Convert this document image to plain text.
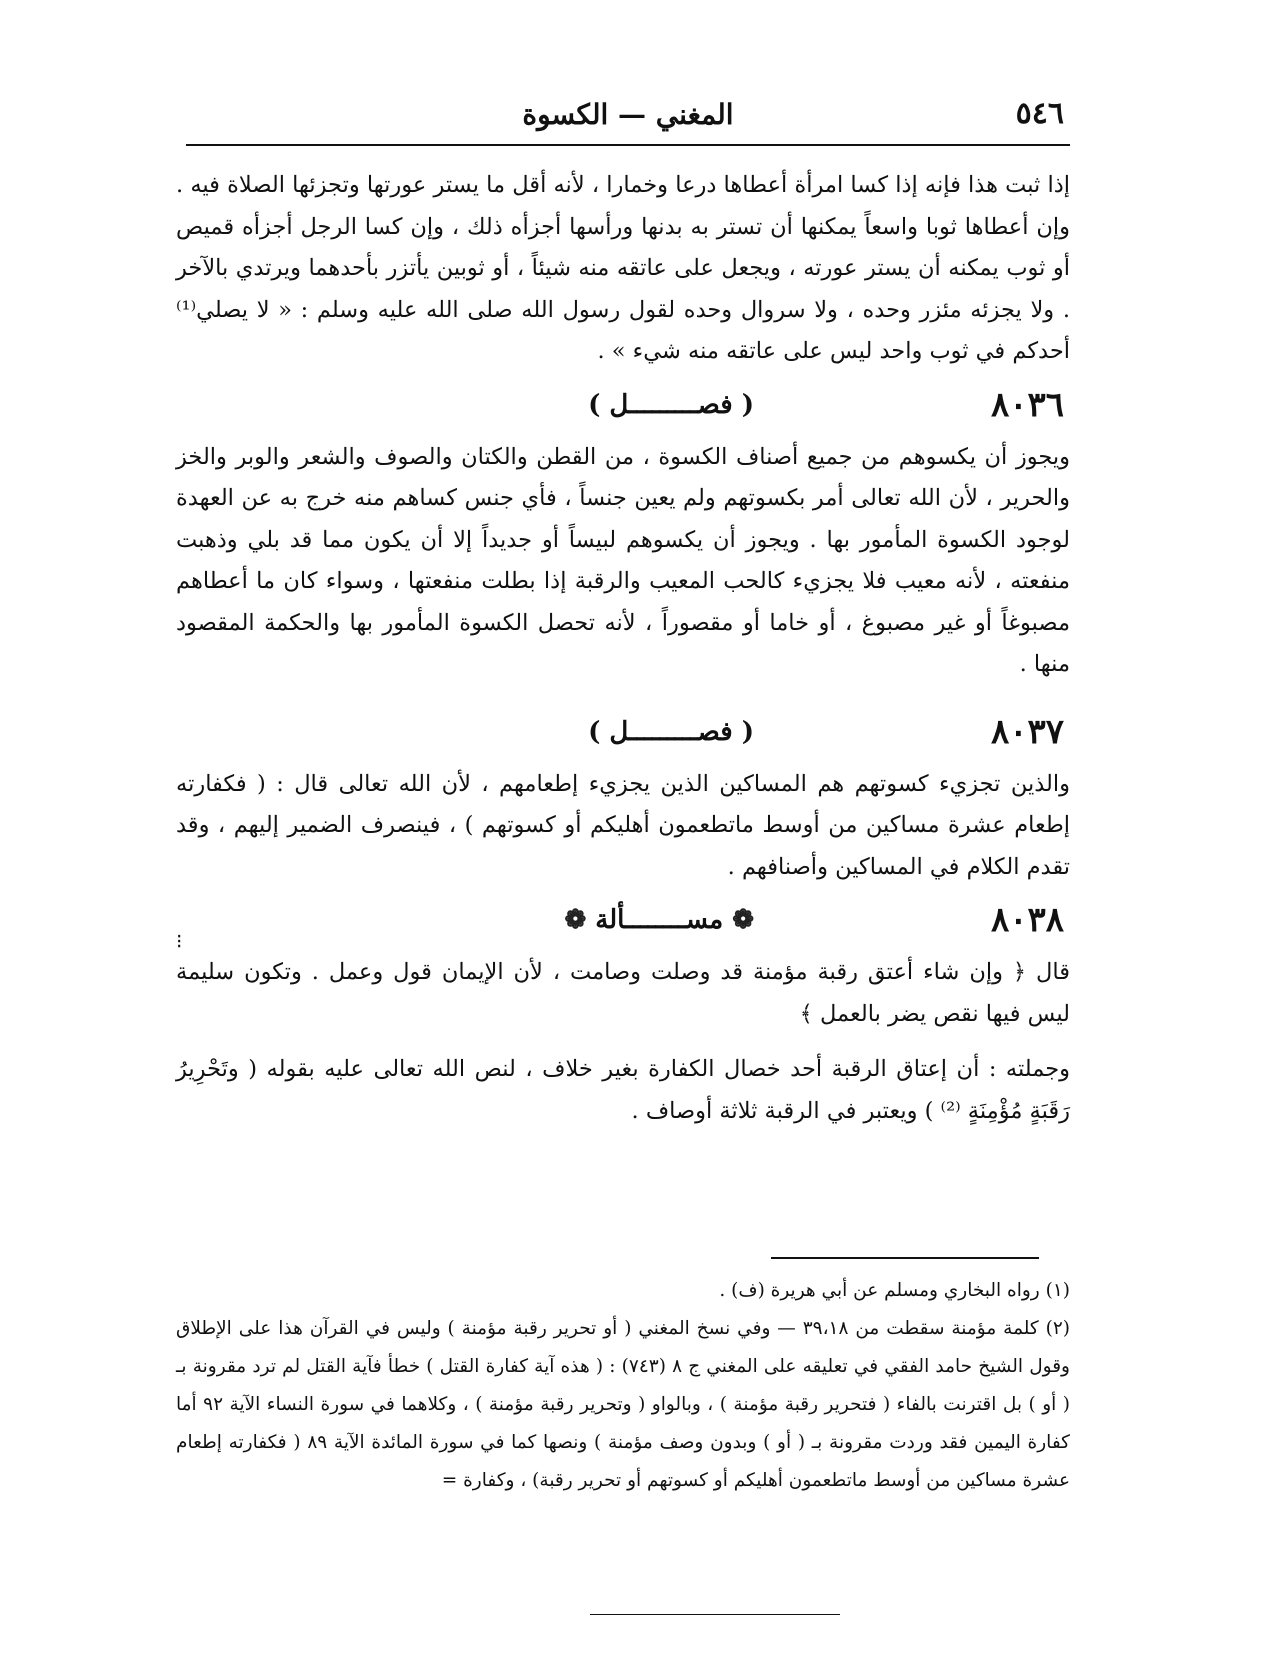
٥٤٦
المغني — الكسوة

إذا ثبت هذا فإنه إذا كسا امرأة أعطاها درعا وخمارا ، لأنه أقل ما يستر عورتها وتجزئها الصلاة فيه . وإن أعطاها ثوبا واسعاً يمكنها أن تستر به بدنها ورأسها أجزأه ذلك ، وإن كسا الرجل أجزأه قميص أو ثوب يمكنه أن يستر عورته ، ويجعل على عاتقه منه شيئاً ، أو ثوبين يأتزر بأحدهما ويرتدي بالآخر . ولا يجزئه مئزر وحده ، ولا سروال وحده لقول رسول الله صلى الله عليه وسلم : « لا يصلي⁽¹⁾ أحدكم في ثوب واحد ليس على عاتقه منه شيء » .

٨٠٣٦
( فصـــــــــل )

ويجوز أن يكسوهم من جميع أصناف الكسوة ، من القطن والكتان والصوف والشعر والوبر والخز والحرير ، لأن الله تعالى أمر بكسوتهم ولم يعين جنساً ، فأي جنس كساهم منه خرج به عن العهدة لوجود الكسوة المأمور بها . ويجوز أن يكسوهم لبيساً أو جديداً إلا أن يكون مما قد بلي وذهبت منفعته ، لأنه معيب فلا يجزيء كالحب المعيب والرقبة إذا بطلت منفعتها ، وسواء كان ما أعطاهم مصبوغاً أو غير مصبوغ ، أو خاما أو مقصوراً ، لأنه تحصل الكسوة المأمور بها والحكمة المقصود منها .

٨٠٣٧
( فصـــــــــل )

والذين تجزيء كسوتهم هم المساكين الذين يجزيء إطعامهم ، لأن الله تعالى قال : ( فكفارته إطعام عشرة مساكين من أوسط ماتطعمون أهليكم أو كسوتهم ) ، فينصرف الضمير إليهم ، وقد تقدم الكلام في المساكين وأصنافهم .

٨٠٣٨
❁ مســــــــألة ❁

قال ﴿ وإن شاء أعتق رقبة مؤمنة قد وصلت وصامت ، لأن الإيمان قول وعمل . وتكون سليمة ليس فيها نقص يضر بالعمل ﴾

وجملته : أن إعتاق الرقبة أحد خصال الكفارة بغير خلاف ، لنص الله تعالى عليه بقوله ( وتَحْرِيرُ رَقَبَةٍ مُؤْمِنَةٍ ⁽²⁾ ) ويعتبر في الرقبة ثلاثة أوصاف .

⁝

(١) رواه البخاري ومسلم عن أبي هريرة (ف) .

(٢) كلمة مؤمنة سقطت من ٣٩،١٨ — وفي نسخ المغني ( أو تحرير رقبة مؤمنة ) وليس في القرآن هذا على الإطلاق وقول الشيخ حامد الفقي في تعليقه على المغني ج ٨ (٧٤٣) : ( هذه آية كفارة القتل ) خطأ فآية القتل لم ترد مقرونة بـ ( أو ) بل اقترنت بالفاء ( فتحرير رقبة مؤمنة ) ، وبالواو ( وتحرير رقبة مؤمنة ) ، وكلاهما في سورة النساء الآية ٩٢ أما كفارة اليمين فقد وردت مقرونة بـ ( أو ) وبدون وصف مؤمنة ) ونصها كما في سورة المائدة الآية ٨٩ ( فكفارته إطعام عشرة مساكين من أوسط ماتطعمون أهليكم أو كسوتهم أو تحرير رقبة) ، وكفارة =
